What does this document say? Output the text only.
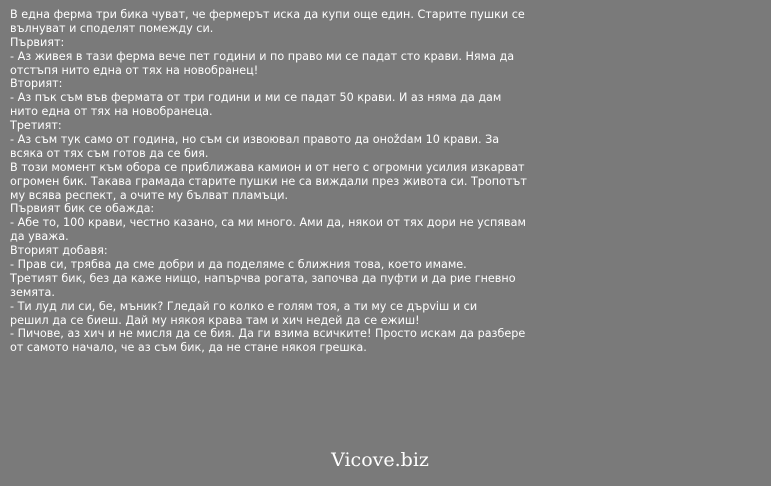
В една ферма три бика чуват, че фермерът иска да купи още един. Старите пушки се
вълнуват и споделят помежду си.
Първият:
- Аз живея в тази ферма вече пет години и по право ми се падат сто крави. Няма да
отстъпя нито една от тях на новобранец!
Вторият:
- Аз пък съм във фермата от три години и ми се падат 50 крави. И аз няма да дам
нито една от тях на новобранеца.
Третият:
- Аз съм тук само от година, но съм си извоювал правото да оноždам 10 крави. За
всяка от тях съм готов да се бия.
В този момент към обора се приближава камион и от него с огромни усилия изкарват
огромен бик. Такава грамада старите пушки не са виждали през живота си. Тропотът
му всява респект, а очите му бълват пламъци.
Първият бик се обажда:
- Абе то, 100 крави, честно казано, са ми много. Ами да, някои от тях дори не успявам
да уважа.
Вторият добавя:
- Прав си, трябва да сме добри и да поделяме с ближния това, което имаме.
Третият бик, без да каже нищо, напърчва рогата, започва да пуфти и да рие гневно
земята.
- Ти луд ли си, бе, мъник? Гледай го колко е голям тоя, а ти му се дърviш и си
решил да се биеш. Дай му някоя крава там и хич недей да се ежиш!
- Пичове, аз хич и не мисля да се бия. Да ги взима всичките! Просто искам да разбере
от самото начало, че аз съм бик, да не стане някоя грешка.
Vicove.biz
